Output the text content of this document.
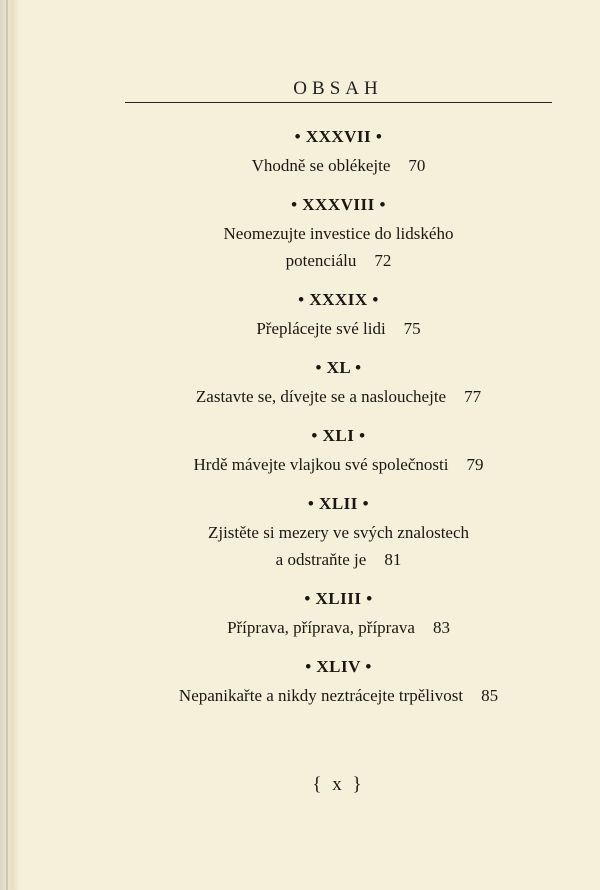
OBSAH
• XXXVII •
Vhodně se oblékejte 70
• XXXVIII •
Neomezujte investice do lidského
potenciálu 72
• XXXIX •
Přeplácejte své lidi 75
• XL •
Zastavte se, dívejte se a naslouchejte 77
• XLI •
Hrdě mávejte vlajkou své společnosti 79
• XLII •
Zjistěte si mezery ve svých znalostech
a odstraňte je 81
• XLIII •
Příprava, příprava, příprava 83
• XLIV •
Nepanikařte a nikdy neztrácejte trpělivost 85
{ x }
